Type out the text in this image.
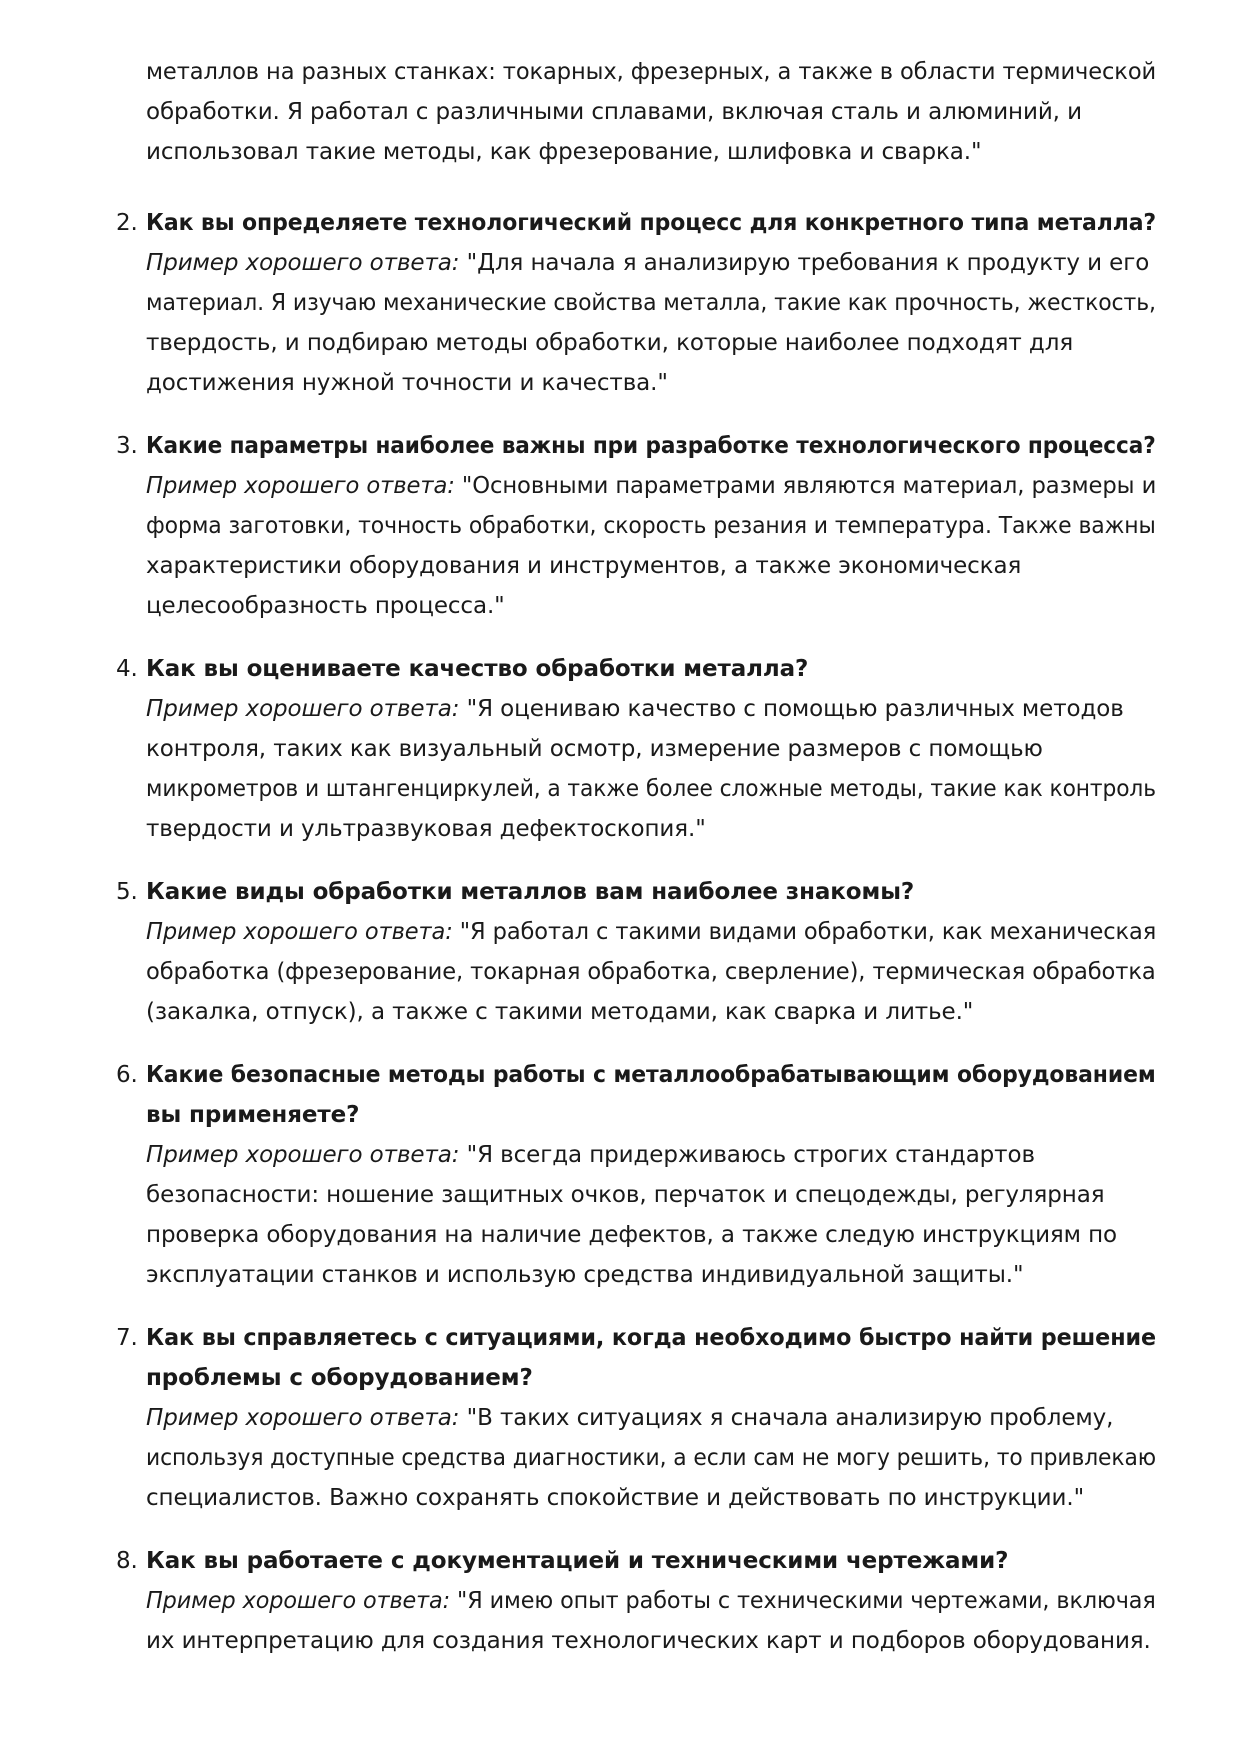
металлов на разных станках: токарных, фрезерных, а также в области термической
обработки. Я работал с различными сплавами, включая сталь и алюминий, и
использовал такие методы, как фрезерование, шлифовка и сварка."
2. Как вы определяете технологический процесс для конкретного типа металла?
Пример хорошего ответа: "Для начала я анализирую требования к продукту и его
материал. Я изучаю механические свойства металла, такие как прочность, жесткость,
твердость, и подбираю методы обработки, которые наиболее подходят для
достижения нужной точности и качества."
3. Какие параметры наиболее важны при разработке технологического процесса?
Пример хорошего ответа: "Основными параметрами являются материал, размеры и
форма заготовки, точность обработки, скорость резания и температура. Также важны
характеристики оборудования и инструментов, а также экономическая
целесообразность процесса."
4. Как вы оцениваете качество обработки металла?
Пример хорошего ответа: "Я оцениваю качество с помощью различных методов
контроля, таких как визуальный осмотр, измерение размеров с помощью
микрометров и штангенциркулей, а также более сложные методы, такие как контроль
твердости и ультразвуковая дефектоскопия."
5. Какие виды обработки металлов вам наиболее знакомы?
Пример хорошего ответа: "Я работал с такими видами обработки, как механическая
обработка (фрезерование, токарная обработка, сверление), термическая обработка
(закалка, отпуск), а также с такими методами, как сварка и литье."
6. Какие безопасные методы работы с металлообрабатывающим оборудованием
вы применяете?
Пример хорошего ответа: "Я всегда придерживаюсь строгих стандартов
безопасности: ношение защитных очков, перчаток и спецодежды, регулярная
проверка оборудования на наличие дефектов, а также следую инструкциям по
эксплуатации станков и использую средства индивидуальной защиты."
7. Как вы справляетесь с ситуациями, когда необходимо быстро найти решение
проблемы с оборудованием?
Пример хорошего ответа: "В таких ситуациях я сначала анализирую проблему,
используя доступные средства диагностики, а если сам не могу решить, то привлекаю
специалистов. Важно сохранять спокойствие и действовать по инструкции."
8. Как вы работаете с документацией и техническими чертежами?
Пример хорошего ответа: "Я имею опыт работы с техническими чертежами, включая
их интерпретацию для создания технологических карт и подборов оборудования.
